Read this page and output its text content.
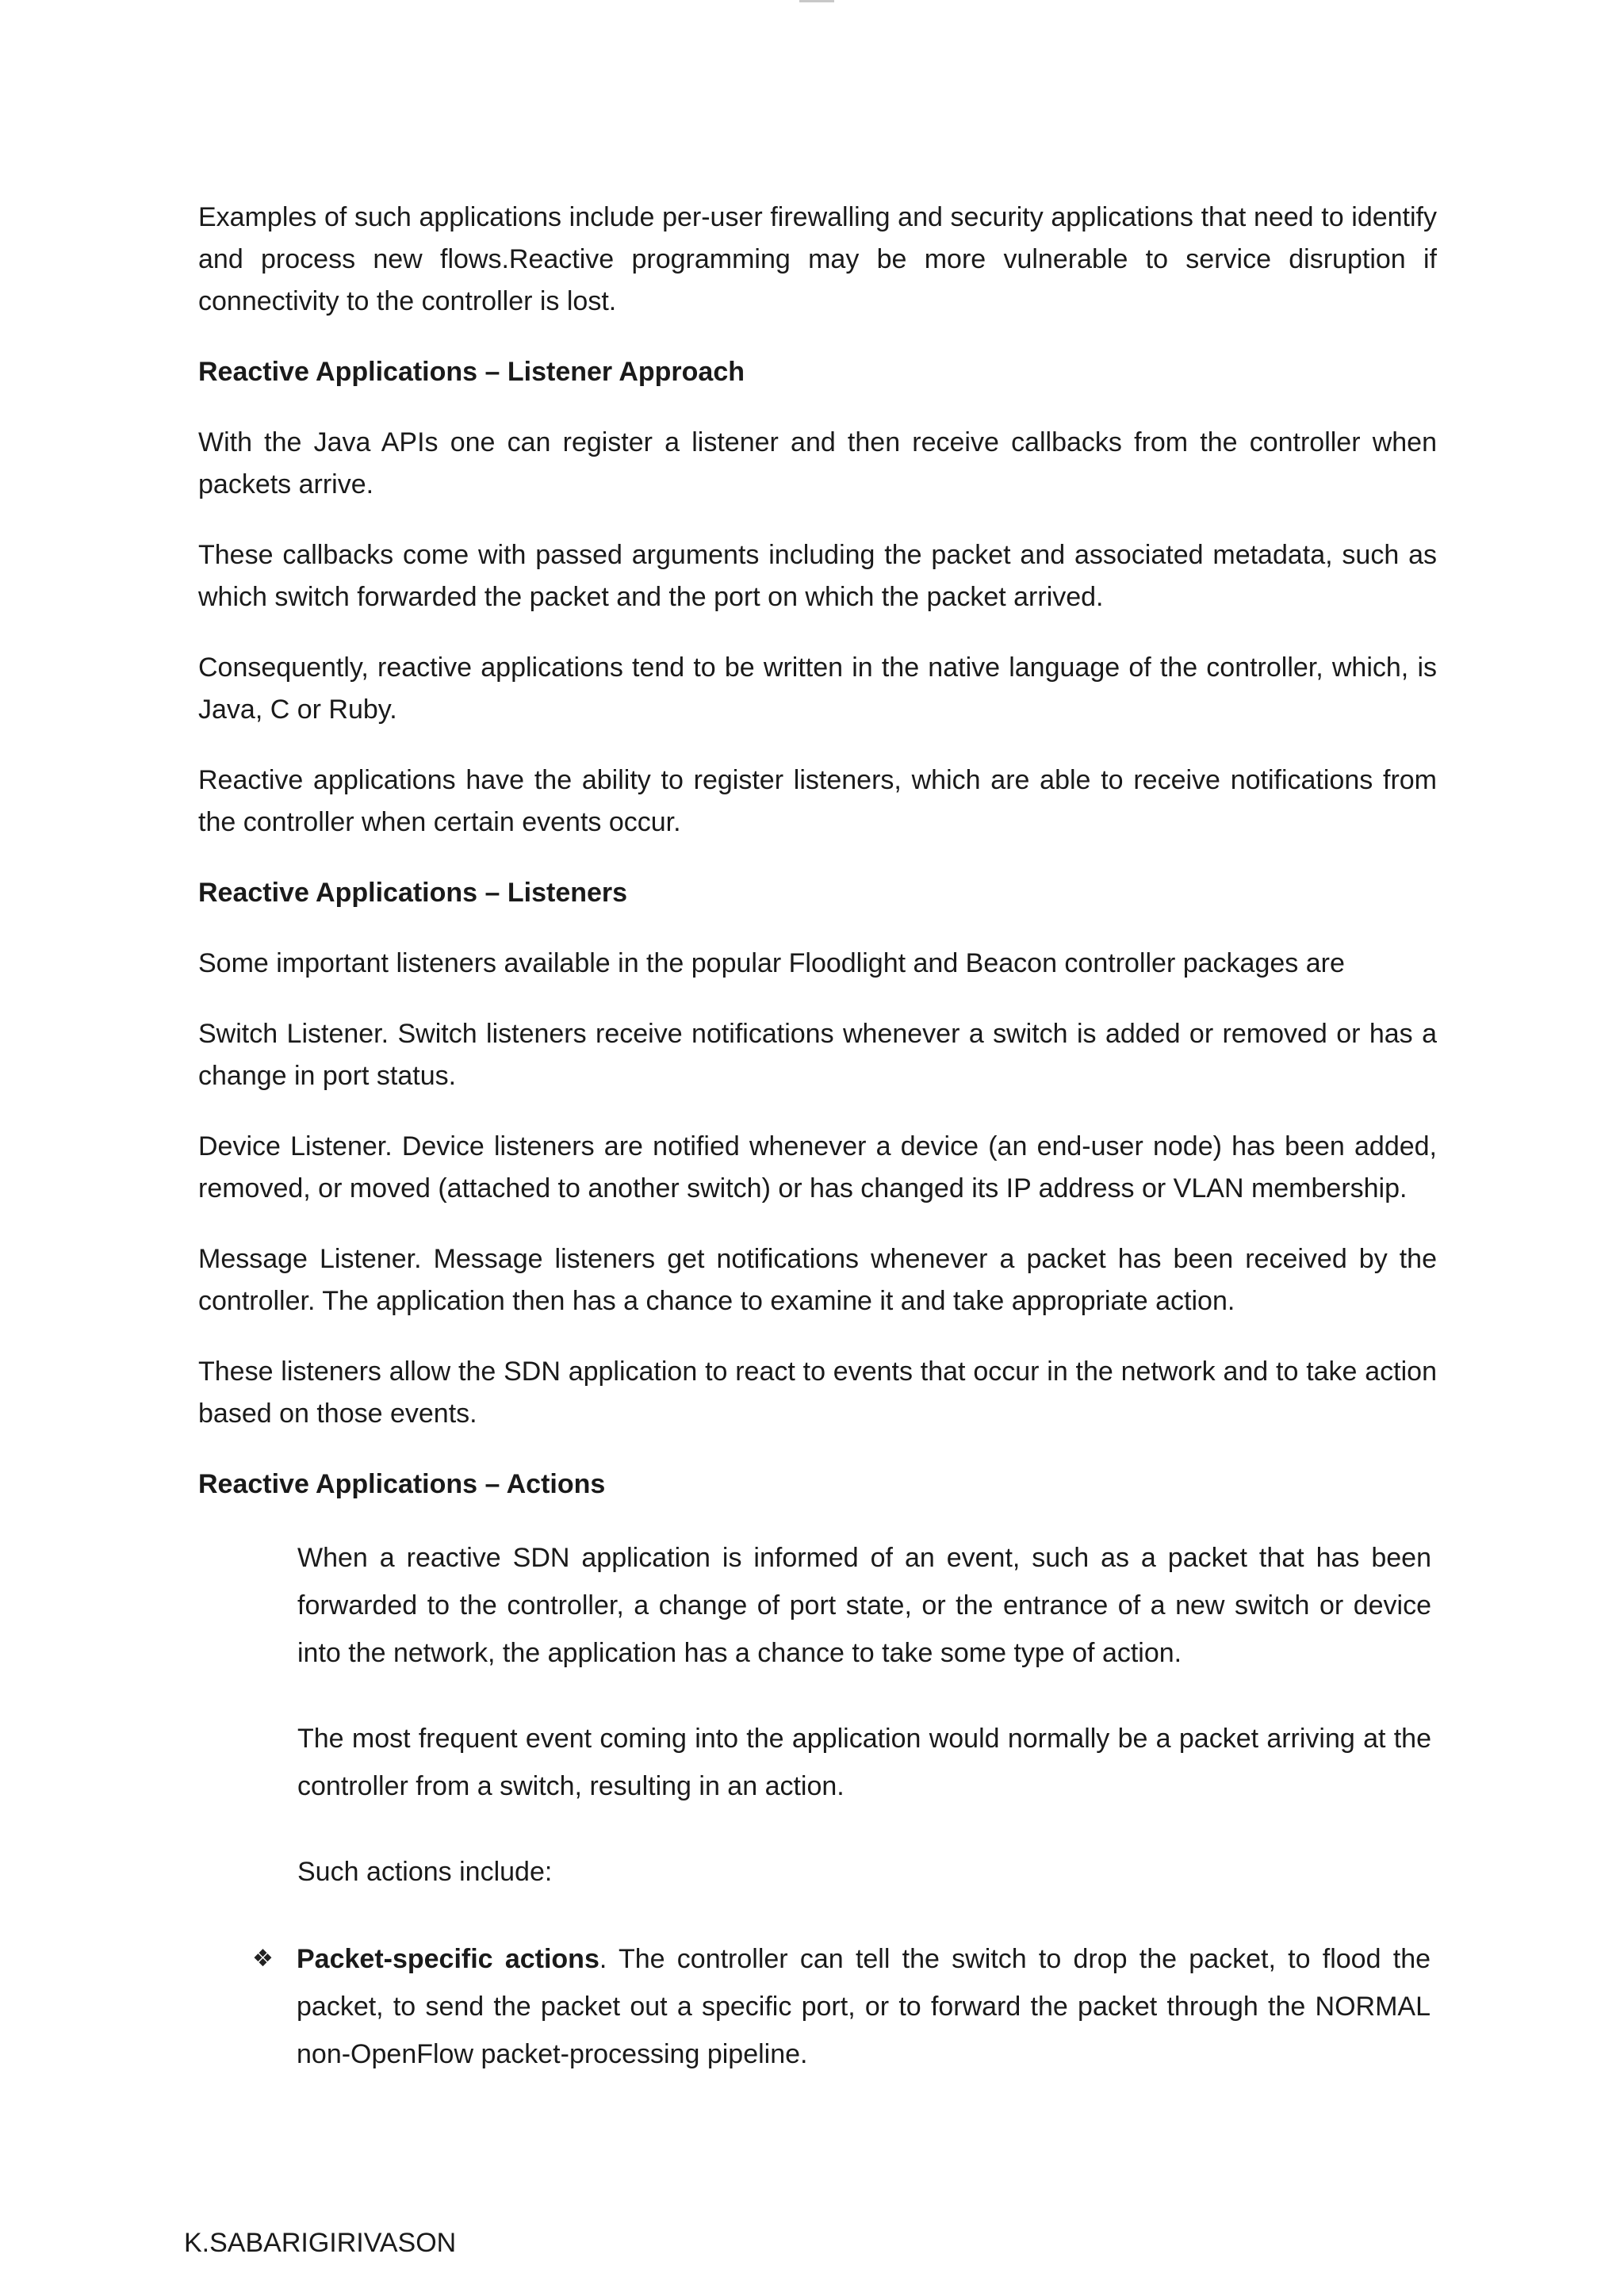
Examples of such applications include per-user firewalling and security applications that need to identify and process new flows.Reactive programming may be more vulnerable to service disruption if connectivity to the controller is lost.

Reactive Applications – Listener Approach

With the Java APIs one can register a listener and then receive callbacks from the controller when packets arrive.

These callbacks come with passed arguments including the packet and associated metadata, such as which switch forwarded the packet and the port on which the packet arrived.

Consequently, reactive applications tend to be written in the native language of the controller, which, is Java, C or Ruby.

Reactive applications have the ability to register listeners, which are able to receive notifications from the controller when certain events occur.

Reactive Applications – Listeners

Some important listeners available in the popular Floodlight and Beacon controller packages are

Switch Listener. Switch listeners receive notifications whenever a switch is added or removed or has a change in port status.

Device Listener. Device listeners are notified whenever a device (an end-user node) has been added, removed, or moved (attached to another switch) or has changed its IP address or VLAN membership.

Message Listener. Message listeners get notifications whenever a packet has been received by the controller. The application then has a chance to examine it and take appropriate action.

These listeners allow the SDN application to react to events that occur in the network and to take action based on those events.

Reactive Applications – Actions

When a reactive SDN application is informed of an event, such as a packet that has been forwarded to the controller, a change of port state, or the entrance of a new switch or device into the network, the application has a chance to take some type of action.

The most frequent event coming into the application would normally be a packet arriving at the controller from a switch, resulting in an action.

Such actions include:

❖ Packet-specific actions. The controller can tell the switch to drop the packet, to flood the packet, to send the packet out a specific port, or to forward the packet through the NORMAL non-OpenFlow packet-processing pipeline.
K.SABARIGIRIVASON
